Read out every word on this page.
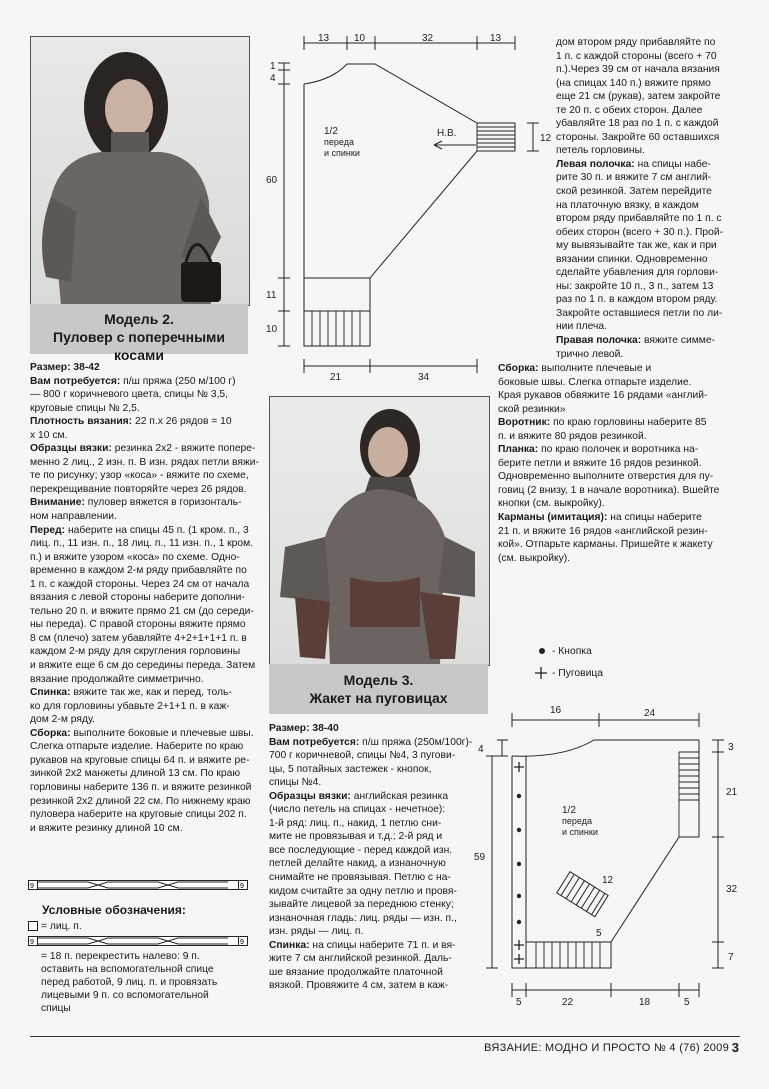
Модель 2.
Пуловер с поперечными косами
Размер: 38-42
Вам потребуется: п/ш пряжа (250 м/100 г)
— 800 г коричневого цвета, спицы № 3,5,
круговые спицы № 2,5.
Плотность вязания: 22 п.х 26 рядов = 10
х 10 см.
Образцы вязки: резинка 2х2 - вяжите попере-
менно 2 лиц., 2 изн. п. В изн. рядах петли вяжи-
те по рисунку; узор «коса» - вяжите по схеме,
перекрещивание повторяйте через 26 рядов.
Внимание: пуловер вяжется в горизонталь-
ном направлении.
Перед: наберите на спицы 45 п. (1 кром. п., 3
лиц. п., 11 изн. п., 18 лиц. п., 11 изн. п., 1 кром.
п.) и вяжите узором «коса» по схеме. Одно-
временно в каждом 2-м ряду прибавляйте по
1 п. с каждой стороны. Через 24 см от начала
вязания с левой стороны наберите дополни-
тельно 20 п. и вяжите прямо 21 см (до середи-
ны переда). С правой стороны вяжите прямо
8 см (плечо) затем убавляйте 4+2+1+1+1 п. в
каждом 2-м ряду для скругления горловины
и вяжите еще 6 см до середины переда. Затем
вязание продолжайте симметрично.
Спинка: вяжите так же, как и перед, толь-
ко для горловины убавьте 2+1+1 п. в каж-
дом 2-м ряду.
Сборка: выполните боковые и плечевые швы.
Слегка отпарьте изделие. Наберите по краю
рукавов на круговые спицы 64 п. и вяжите ре-
зинкой 2х2 манжеты длиной 13 см. По краю
горловины наберите 136 п. и вяжите резинкой
резинкой 2х2 длиной 22 см. По нижнему краю
пуловера наберите на круговые спицы 202 п.
и вяжите резинку длиной 10 см.
9	9
Условные обозначения:
= лиц. п.
9	9
= 18 п. перекрестить налево: 9 п.
оставить на вспомогательной спице
перед работой, 9 лиц. п. и провязать
лицевыми 9 п. со вспомогательной
спицы
13 10	32	13
1
4
60
11
10
12
21	34
Н.В.
1/2
переда
и спинки
Модель 3.
Жакет на пуговицах
Размер: 38-40
Вам потребуется: п/ш пряжа (250м/100г)-
700 г коричневой, спицы №4, 3 пугови-
цы, 5 потайных застежек - кнопок,
спицы №4.
Образцы вязки: английская резинка
(число петель на спицах - нечетное):
1-й ряд: лиц. п., накид, 1 петлю сни-
мите не провязывая и т.д.; 2-й ряд и
все последующие - перед каждой изн.
петлей делайте накид, а изнаночную
снимайте не провязывая. Петлю с на-
кидом считайте за одну петлю и провя-
зывайте лицевой за переднюю стенку;
изнаночная гладь: лиц. ряды — изн. п.,
изн. ряды — лиц. п.
Спинка: на спицы наберите 71 п. и вя-
жите 7 см английской резинкой. Даль-
ше вязание продолжайте платочной
вязкой. Провяжите 4 см, затем в каж-
дом втором ряду прибавляйте по
1 п. с каждой стороны (всего + 70
п.).Через 39 см от начала вязания
(на спицах 140 п.) вяжите прямо
еще 21 см (рукав), затем закройте
те 20 п. с обеих сторон. Далее
убавляйте 18 раз по 1 п. с каждой
стороны. Закройте 60 оставшихся
петель горловины.
Левая полочка: на спицы набе-
рите 30 п. и вяжите 7 см англий-
ской резинкой. Затем перейдите
на платочную вязку, в каждом
втором ряду прибавляйте по 1 п. с
обеих сторон (всего + 30 п.). Прой-
му вывязывайте так же, как и при
вязании спинки. Одновременно
сделайте убавления для горлови-
ны: закройте 10 п., 3 п., затем 13
раз по 1 п. в каждом втором ряду.
Закройте оставшиеся петли по ли-
нии плеча.
Правая полочка: вяжите симме-
трично левой.
Сборка: выполните плечевые и
боковые швы. Слегка отпарьте изделие.
Края рукавов обвяжите 16 рядами «англий-
ской резинки»
Воротник: по краю горловины наберите 85
п. и вяжите 80 рядов резинкой.
Планка: по краю полочек и воротника на-
берите петли и вяжите 16 рядов резинкой.
Одновременно выполните отверстия для пу-
говиц (2 внизу, 1 в начале воротника). Вшейте
кнопки (см. выкройку).
Карманы (имитация): на спицы наберите
21 п. и вяжите 16 рядов «английской резин-
кой». Отпарьте карманы. Пришейте к жакету
(см. выкройку).
- Кнопка
- Пуговица
16	24
4
59
3
21
32
7
5	22	18	5
12
5
1/2
переда
и спинки
ВЯЗАНИЕ: МОДНО И ПРОСТО № 4 (76) 2009 3
